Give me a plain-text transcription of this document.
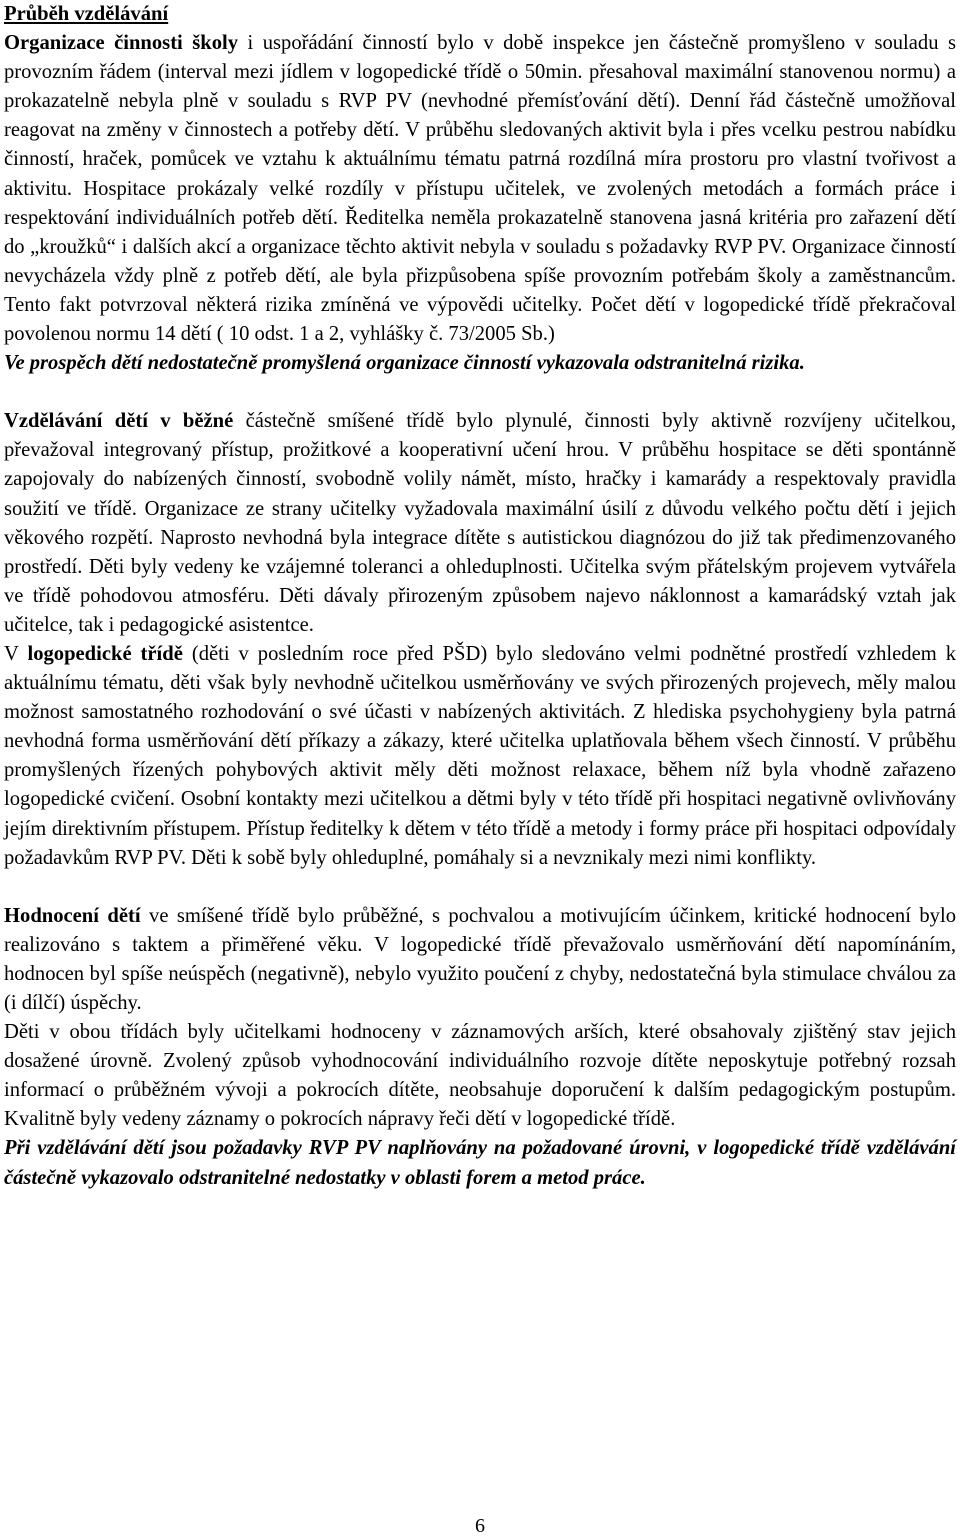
Průběh vzdělávání

Organizace činnosti školy i uspořádání činností bylo v době inspekce jen částečně promyšleno v souladu s provozním řádem (interval mezi jídlem v logopedické třídě o 50min. přesahoval maximální stanovenou normu) a prokazatelně nebyla plně v souladu s RVP PV (nevhodné přemísťování dětí). Denní řád částečně umožňoval reagovat na změny v činnostech a potřeby dětí. V průběhu sledovaných aktivit byla i přes vcelku pestrou nabídku činností, hraček, pomůcek ve vztahu k aktuálnímu tématu patrná rozdílná míra prostoru pro vlastní tvořivost a aktivitu. Hospitace prokázaly velké rozdíly v přístupu učitelek, ve zvolených metodách a formách práce i respektování individuálních potřeb dětí. Ředitelka neměla prokazatelně stanovena jasná kritéria pro zařazení dětí do „kroužků“ i dalších akcí a organizace těchto aktivit nebyla v souladu s požadavky RVP PV. Organizace činností nevycházela vždy plně z potřeb dětí, ale byla přizpůsobena spíše provozním potřebám školy a zaměstnancům. Tento fakt potvrzoval některá rizika zmíněná ve výpovědi učitelky. Počet dětí v logopedické třídě překračoval povolenou normu 14 dětí ( 10 odst. 1 a 2, vyhlášky č. 73/2005 Sb.)

Ve prospěch dětí nedostatečně promyšlená organizace činností vykazovala odstranitelná rizika.

Vzdělávání dětí v běžné částečně smíšené třídě bylo plynulé, činnosti byly aktivně rozvíjeny učitelkou, převažoval integrovaný přístup, prožitkové a kooperativní učení hrou. V průběhu hospitace se děti spontánně zapojovaly do nabízených činností, svobodně volily námět, místo, hračky i kamarády a respektovaly pravidla soužití ve třídě. Organizace ze strany učitelky vyžadovala maximální úsilí z důvodu velkého počtu dětí i jejich věkového rozpětí. Naprosto nevhodná byla integrace dítěte s autistickou diagnózou do již tak předimenzovaného prostředí. Děti byly vedeny ke vzájemné toleranci a ohleduplnosti. Učitelka svým přátelským projevem vytvářela ve třídě pohodovou atmosféru. Děti dávaly přirozeným způsobem najevo náklonnost a kamarádský vztah jak učitelce, tak i pedagogické asistentce.

V logopedické třídě (děti v posledním roce před PŠD) bylo sledováno velmi podnětné prostředí vzhledem k aktuálnímu tématu, děti však byly nevhodně učitelkou usměrňovány ve svých přirozených projevech, měly malou možnost samostatného rozhodování o své účasti v nabízených aktivitách. Z hlediska psychohygieny byla patrná nevhodná forma usměrňování dětí příkazy a zákazy, které učitelka uplatňovala během všech činností. V průběhu promyšlených řízených pohybových aktivit měly děti možnost relaxace, během níž byla vhodně zařazeno logopedické cvičení. Osobní kontakty mezi učitelkou a dětmi byly v této třídě při hospitaci negativně ovlivňovány jejím direktivním přístupem. Přístup ředitelky k dětem v této třídě a metody i formy práce při hospitaci odpovídaly požadavkům RVP PV. Děti k sobě byly ohleduplné, pomáhaly si a nevznikaly mezi nimi konflikty.

Hodnocení dětí ve smíšené třídě bylo průběžné, s pochvalou a motivujícím účinkem, kritické hodnocení bylo realizováno s taktem a přiměřené věku. V logopedické třídě převažovalo usměrňování dětí napomínáním, hodnocen byl spíše neúspěch (negativně), nebylo využito poučení z chyby, nedostatečná byla stimulace chválou za (i dílčí) úspěchy.

Děti v obou třídách byly učitelkami hodnoceny v záznamových arších, které obsahovaly zjištěný stav jejich dosažené úrovně. Zvolený způsob vyhodnocování individuálního rozvoje dítěte neposkytuje potřebný rozsah informací o průběžném vývoji a pokrocích dítěte, neobsahuje doporučení k dalším pedagogickým postupům. Kvalitně byly vedeny záznamy o pokrocích nápravy řeči dětí v logopedické třídě.

Při vzdělávání dětí jsou požadavky RVP PV naplňovány na požadované úrovni, v logopedické třídě vzdělávání částečně vykazovalo odstranitelné nedostatky v oblasti forem a metod práce.

6
